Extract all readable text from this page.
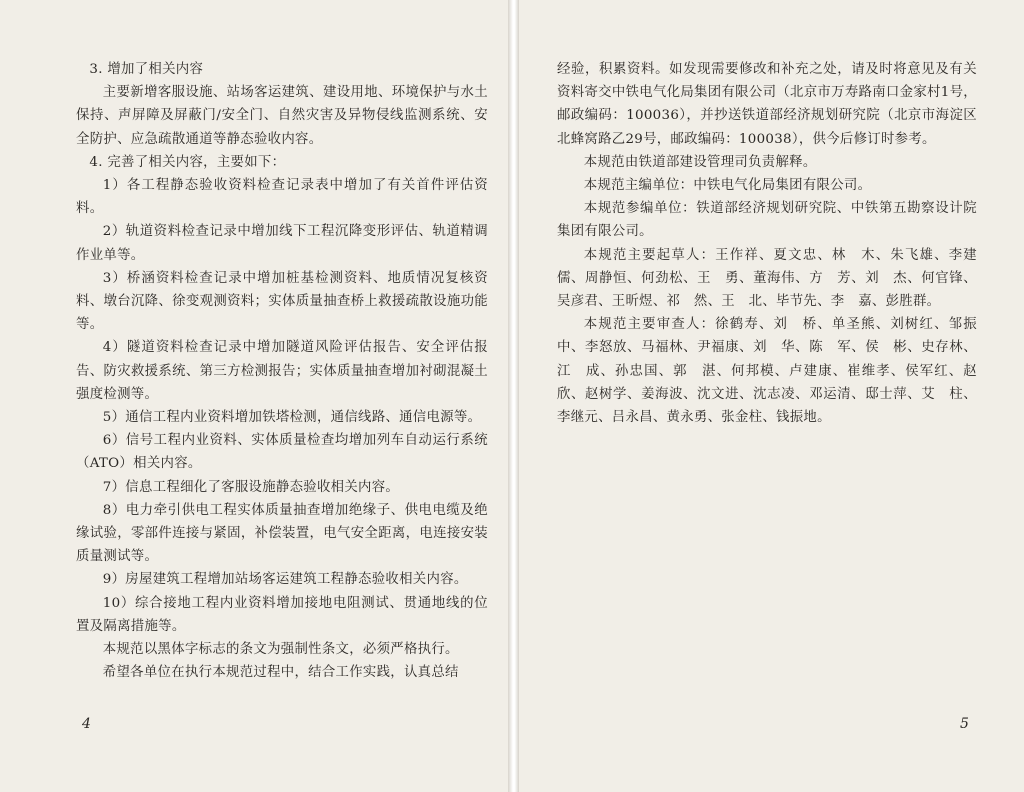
3. 增加了相关内容

主要新增客服设施、站场客运建筑、建设用地、环境保护与水土保持、声屏障及屏蔽门/安全门、自然灾害及异物侵线监测系统、安全防护、应急疏散通道等静态验收内容。

4. 完善了相关内容，主要如下：

1）各工程静态验收资料检查记录表中增加了有关首件评估资料。

2）轨道资料检查记录中增加线下工程沉降变形评估、轨道精调作业单等。

3）桥涵资料检查记录中增加桩基检测资料、地质情况复核资料、墩台沉降、徐变观测资料；实体质量抽查桥上救援疏散设施功能等。

4）隧道资料检查记录中增加隧道风险评估报告、安全评估报告、防灾救援系统、第三方检测报告；实体质量抽查增加衬砌混凝土强度检测等。

5）通信工程内业资料增加铁塔检测，通信线路、通信电源等。

6）信号工程内业资料、实体质量检查均增加列车自动运行系统（ATO）相关内容。

7）信息工程细化了客服设施静态验收相关内容。

8）电力牵引供电工程实体质量抽查增加绝缘子、供电电缆及绝缘试验，零部件连接与紧固，补偿装置，电气安全距离，电连接安装质量测试等。

9）房屋建筑工程增加站场客运建筑工程静态验收相关内容。

10）综合接地工程内业资料增加接地电阻测试、贯通地线的位置及隔离措施等。

本规范以黑体字标志的条文为强制性条文，必须严格执行。

希望各单位在执行本规范过程中，结合工作实践，认真总结

4

经验，积累资料。如发现需要修改和补充之处，请及时将意见及有关资料寄交中铁电气化局集团有限公司（北京市万寿路南口金家村1号，邮政编码：100036），并抄送铁道部经济规划研究院（北京市海淀区北蜂窝路乙29号，邮政编码：100038），供今后修订时参考。

本规范由铁道部建设管理司负责解释。

本规范主编单位：中铁电气化局集团有限公司。

本规范参编单位：铁道部经济规划研究院、中铁第五勘察设计院集团有限公司。

本规范主要起草人：王作祥、夏文忠、林　木、朱飞雄、李建儒、周静恒、何劲松、王　勇、董海伟、方　芳、刘　杰、何官锋、吴彦君、王昕煜、祁　然、王　北、毕节先、李　嘉、彭胜群。

本规范主要审查人：徐鹤寿、刘　桥、单圣熊、刘树红、邹振中、李怒放、马福林、尹福康、刘　华、陈　军、侯　彬、史存林、江　成、孙忠国、郭　湛、何邦模、卢建康、崔维孝、侯军红、赵　欣、赵树学、姜海波、沈文进、沈志凌、邓运清、邸士萍、艾　柱、李继元、吕永昌、黄永勇、张金柱、钱振地。

5
